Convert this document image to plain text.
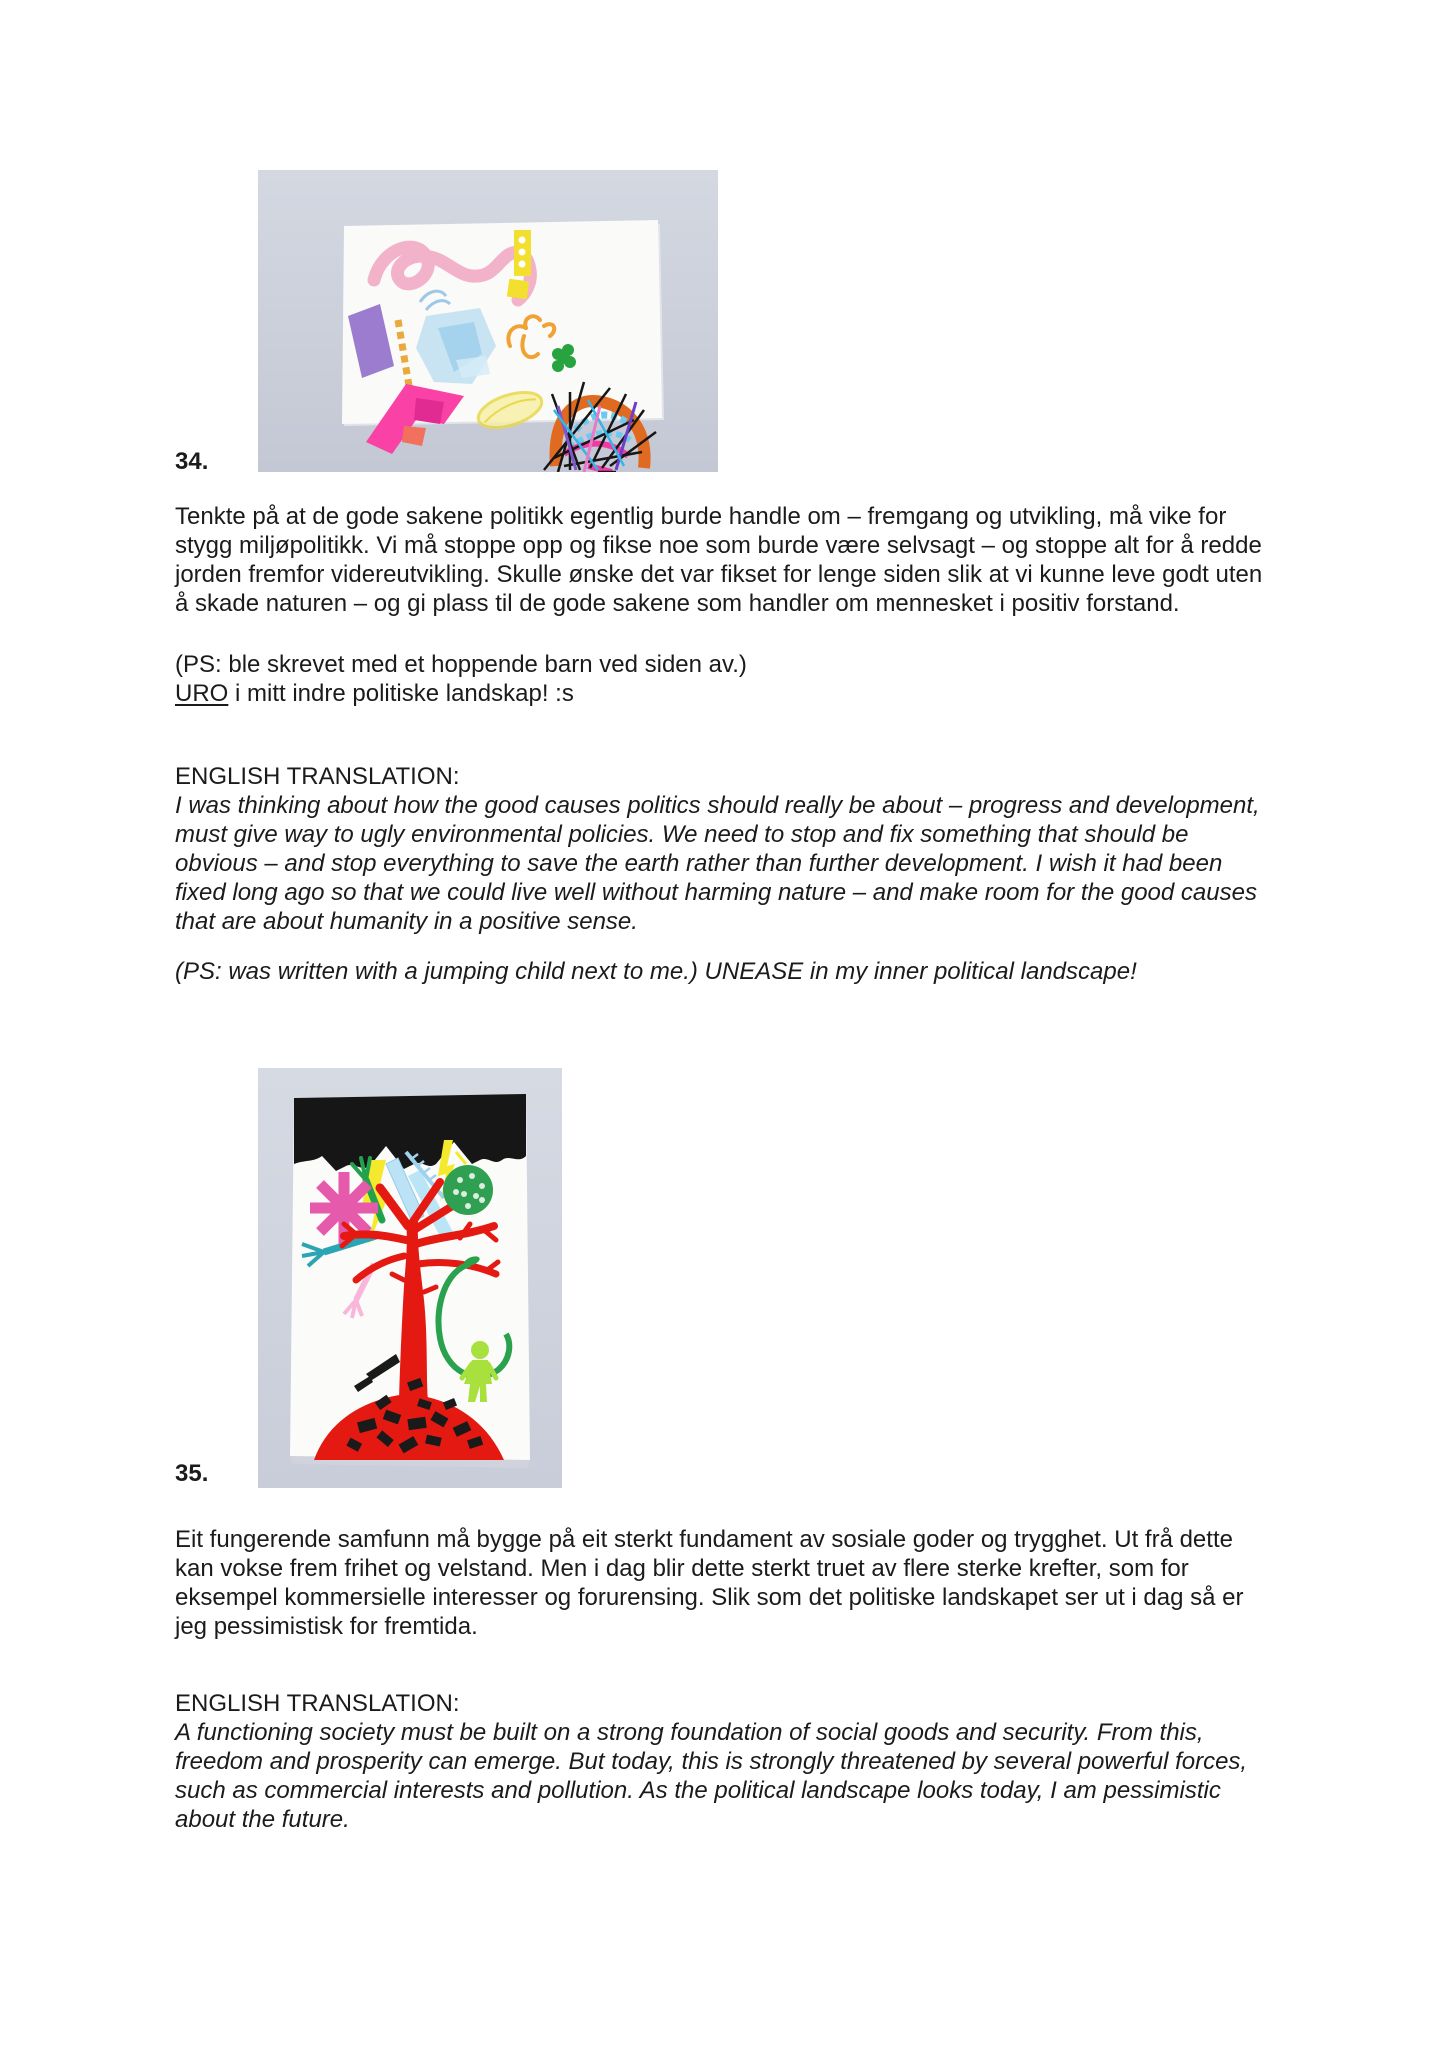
34.
Tenkte på at de gode sakene politikk egentlig burde handle om – fremgang og utvikling, må vike for
stygg miljøpolitikk. Vi må stoppe opp og fikse noe som burde være selvsagt – og stoppe alt for å redde
jorden fremfor videreutvikling. Skulle ønske det var fikset for lenge siden slik at vi kunne leve godt uten
å skade naturen – og gi plass til de gode sakene som handler om mennesket i positiv forstand.
(PS: ble skrevet med et hoppende barn ved siden av.)
URO i mitt indre politiske landskap! :s
ENGLISH TRANSLATION:
I was thinking about how the good causes politics should really be about – progress and development,
must give way to ugly environmental policies. We need to stop and fix something that should be
obvious – and stop everything to save the earth rather than further development. I wish it had been
fixed long ago so that we could live well without harming nature – and make room for the good causes
that are about humanity in a positive sense.
(PS: was written with a jumping child next to me.) UNEASE in my inner political landscape!
35.
Eit fungerende samfunn må bygge på eit sterkt fundament av sosiale goder og trygghet. Ut frå dette
kan vokse frem frihet og velstand. Men i dag blir dette sterkt truet av flere sterke krefter, som for
eksempel kommersielle interesser og forurensing. Slik som det politiske landskapet ser ut i dag så er
jeg pessimistisk for fremtida.
ENGLISH TRANSLATION:
A functioning society must be built on a strong foundation of social goods and security. From this,
freedom and prosperity can emerge. But today, this is strongly threatened by several powerful forces,
such as commercial interests and pollution. As the political landscape looks today, I am pessimistic
about the future.
